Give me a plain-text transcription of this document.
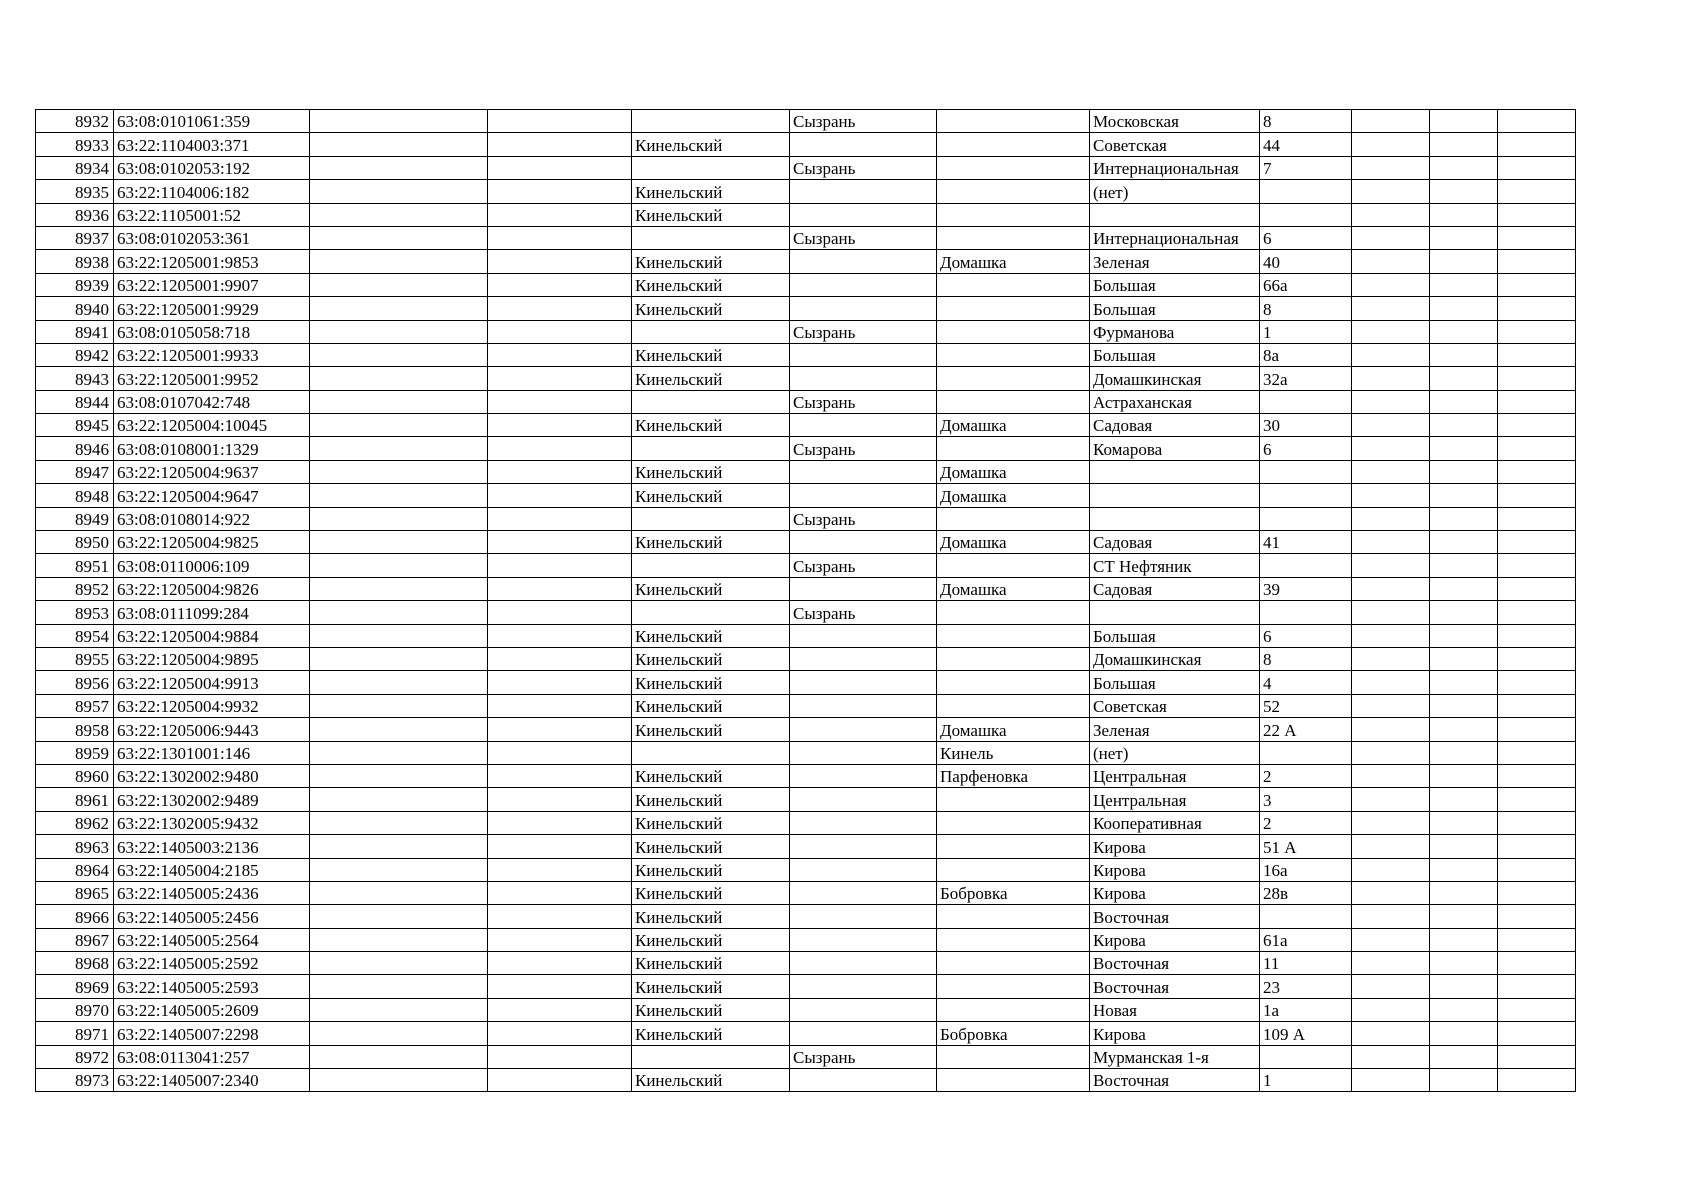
8932	63:08:0101061:359				Сызрань		Московская	8			
8933	63:22:1104003:371			Кинельский			Советская	44			
8934	63:08:0102053:192				Сызрань		Интернациональная	7			
8935	63:22:1104006:182			Кинельский			(нет)				
8936	63:22:1105001:52			Кинельский							
8937	63:08:0102053:361				Сызрань		Интернациональная	6			
8938	63:22:1205001:9853			Кинельский		Домашка	Зеленая	40			
8939	63:22:1205001:9907			Кинельский			Большая	66а			
8940	63:22:1205001:9929			Кинельский			Большая	8			
8941	63:08:0105058:718				Сызрань		Фурманова	1			
8942	63:22:1205001:9933			Кинельский			Большая	8а			
8943	63:22:1205001:9952			Кинельский			Домашкинская	32а			
8944	63:08:0107042:748				Сызрань		Астраханская				
8945	63:22:1205004:10045			Кинельский		Домашка	Садовая	30			
8946	63:08:0108001:1329				Сызрань		Комарова	6			
8947	63:22:1205004:9637			Кинельский		Домашка					
8948	63:22:1205004:9647			Кинельский		Домашка					
8949	63:08:0108014:922				Сызрань						
8950	63:22:1205004:9825			Кинельский		Домашка	Садовая	41			
8951	63:08:0110006:109				Сызрань		СТ Нефтяник				
8952	63:22:1205004:9826			Кинельский		Домашка	Садовая	39			
8953	63:08:0111099:284				Сызрань						
8954	63:22:1205004:9884			Кинельский			Большая	6			
8955	63:22:1205004:9895			Кинельский			Домашкинская	8			
8956	63:22:1205004:9913			Кинельский			Большая	4			
8957	63:22:1205004:9932			Кинельский			Советская	52			
8958	63:22:1205006:9443			Кинельский		Домашка	Зеленая	22 А			
8959	63:22:1301001:146					Кинель	(нет)				
8960	63:22:1302002:9480			Кинельский		Парфеновка	Центральная	2			
8961	63:22:1302002:9489			Кинельский			Центральная	3			
8962	63:22:1302005:9432			Кинельский			Кооперативная	2			
8963	63:22:1405003:2136			Кинельский			Кирова	51 А			
8964	63:22:1405004:2185			Кинельский			Кирова	16а			
8965	63:22:1405005:2436			Кинельский		Бобровка	Кирова	28в			
8966	63:22:1405005:2456			Кинельский			Восточная				
8967	63:22:1405005:2564			Кинельский			Кирова	61а			
8968	63:22:1405005:2592			Кинельский			Восточная	11			
8969	63:22:1405005:2593			Кинельский			Восточная	23			
8970	63:22:1405005:2609			Кинельский			Новая	1а			
8971	63:22:1405007:2298			Кинельский		Бобровка	Кирова	109 А			
8972	63:08:0113041:257				Сызрань		Мурманская 1-я				
8973	63:22:1405007:2340			Кинельский			Восточная	1			
